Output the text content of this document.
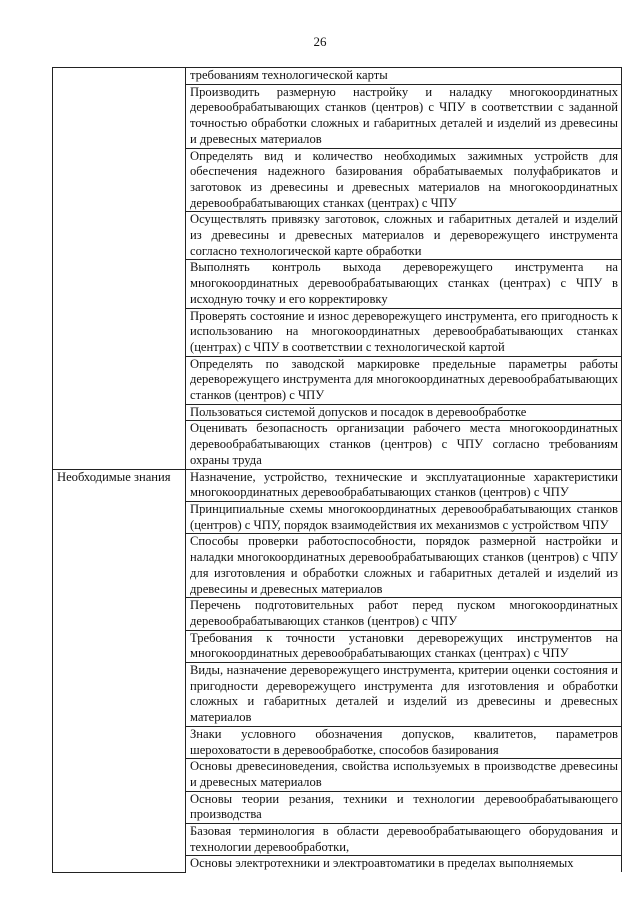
26
	требованиям технологической карты
	Производить размерную настройку и наладку многокоординатных деревообрабатывающих станков (центров) с ЧПУ в соответствии с заданной точностью обработки сложных и габаритных деталей и изделий из древесины и древесных материалов
	Определять вид и количество необходимых зажимных устройств для обеспечения надежного базирования обрабатываемых полуфабрикатов и заготовок из древесины и древесных материалов на многокоординатных деревообрабатывающих станках (центрах) с ЧПУ
	Осуществлять привязку заготовок, сложных и габаритных деталей и изделий из древесины и древесных материалов и дереворежущего инструмента согласно технологической карте обработки
	Выполнять контроль выхода дереворежущего инструмента на многокоординатных деревообрабатывающих станках (центрах) с ЧПУ в исходную точку и его корректировку
	Проверять состояние и износ дереворежущего инструмента, его пригодность к использованию на многокоординатных деревообрабатывающих станках (центрах) с ЧПУ в соответствии с технологической картой
	Определять по заводской маркировке предельные параметры работы дереворежущего инструмента для многокоординатных деревообрабатывающих станков (центров) с ЧПУ
	Пользоваться системой допусков и посадок в деревообработке
	Оценивать безопасность организации рабочего места многокоординатных деревообрабатывающих станков (центров) с ЧПУ согласно требованиям охраны труда
Необходимые знания	Назначение, устройство, технические и эксплуатационные характеристики многокоординатных деревообрабатывающих станков (центров) с ЧПУ
	Принципиальные схемы многокоординатных деревообрабатывающих станков (центров) с ЧПУ, порядок взаимодействия их механизмов с устройством ЧПУ
	Способы проверки работоспособности, порядок размерной настройки и наладки многокоординатных деревообрабатывающих станков (центров) с ЧПУ для изготовления и обработки сложных и габаритных деталей и изделий из древесины и древесных материалов
	Перечень подготовительных работ перед пуском многокоординатных деревообрабатывающих станков (центров) с ЧПУ
	Требования к точности установки дереворежущих инструментов на многокоординатных деревообрабатывающих станках (центрах) с ЧПУ
	Виды, назначение дереворежущего инструмента, критерии оценки состояния и пригодности дереворежущего инструмента для изготовления и обработки сложных и габаритных деталей и изделий из древесины и древесных материалов
	Знаки условного обозначения допусков, квалитетов, параметров шероховатости в деревообработке, способов базирования
	Основы древесиноведения, свойства используемых в производстве древесины и древесных материалов
	Основы теории резания, техники и технологии деревообрабатывающего производства
	Базовая терминология в области деревообрабатывающего оборудования и технологии деревообработки,
	Основы электротехники и электроавтоматики в пределах выполняемых
